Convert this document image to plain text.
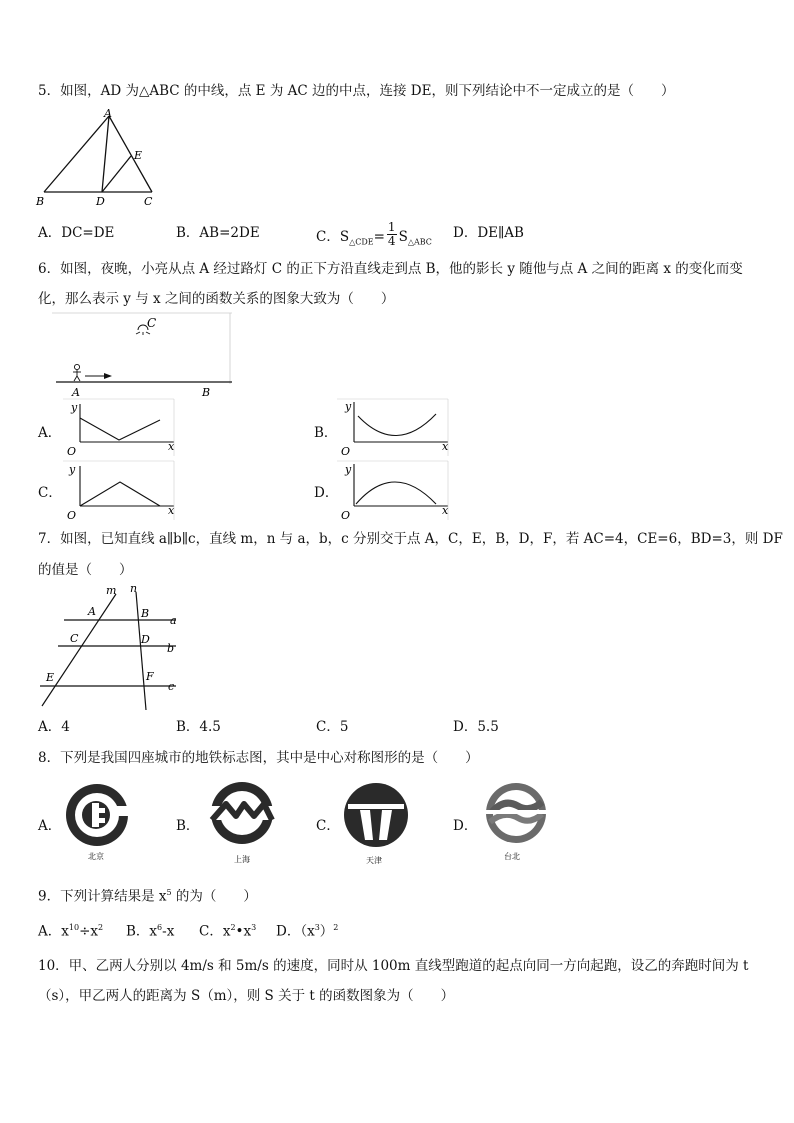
5．如图，AD 为△ABC 的中线，点 E 为 AC 边的中点，连接 DE，则下列结论中不一定成立的是（　　）
A
B	D	C
E
A．DC=DE	B．AB=2DE	C．$S_{\triangle CDE}= \frac{1}{4} S_{\triangle ABC}$
D．DE∥AB
6．如图，夜晚，小亮从点 A 经过路灯 C 的正下方沿直线走到点 B，他的影长 y 随他与点 A 之间的距离 x 的变化而变
化，那么表示 y 与 x 之间的函数关系的图象大致为（　　）
C
A	B
A．
y
x
O
B．
y
x
O
C．
y
x
O
D．
y
x
O
7．如图，已知直线 a∥b∥c，直线 m，n 与 a，b，c 分别交于点 A，C，E，B，D，F，若 AC=4，CE=6，BD=3，则 DF
的值是（　　）
m n
A	B
a
C	D
b
E	F
c
A．4	B．4.5	C．5	D．5.5
8．下列是我国四座城市的地铁标志图，其中是中心对称图形的是（　　）
A．
北京
B．
上海
C．
天津
D．
台北
9．下列计算结果是 $x^5$ 的为（　　）
A．$x^{10}\div x^2$ B．$x^6-x$ C．$x^2•x^3$ D．$(x^3)^2$
10．甲、乙两人分别以 4m/s 和 5m/s 的速度，同时从 100m 直线型跑道的起点向同一方向起跑，设乙的奔跑时间为 t
（s），甲乙两人的距离为 S（m），则 S 关于 t 的函数图象为（　　）
